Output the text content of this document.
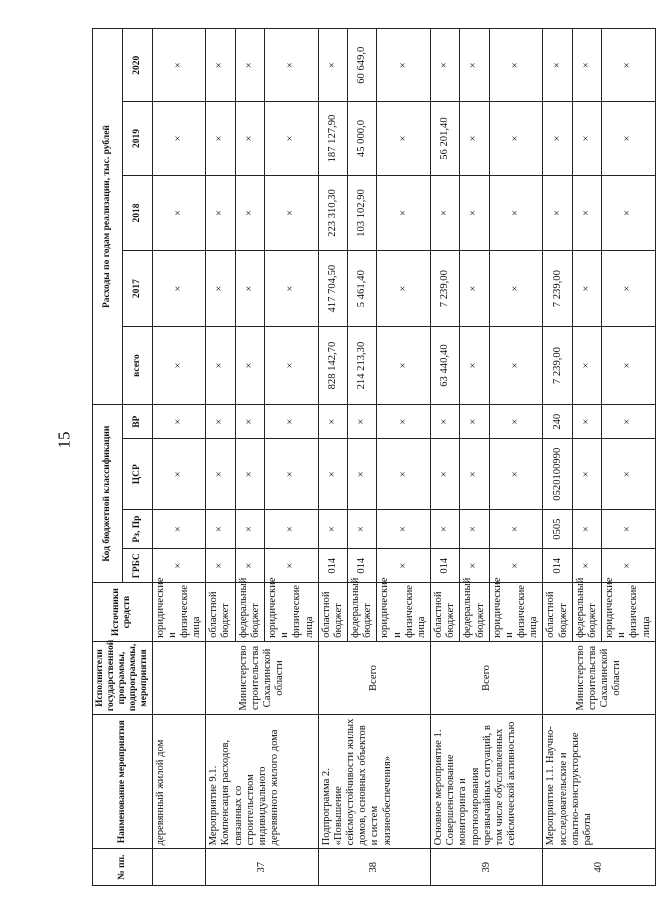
15
№ пп.	Наименование мероприятия	Исполнители государственной программы, подпрограммы, мероприятия	Источники средств	Код бюджетной классификации				Расходы по годам реализации, тыс. рублей				
				ГРБС	Рз, Пр	ЦСР	ВР	всего	2017	2018	2019	2020
	деревянный жилой дом		юридические и физические лица	×	×	×	×	×	×	×	×	×
37	Мероприятие 9.1. Компенсация расходов, связанных со строительством индивидуального деревянного жилого дома	Министерство строительства Сахалинской области	областной бюджет	×	×	×	×	×	×	×	×	×
			федеральный бюджет	×	×	×	×	×	×	×	×	×
			юридические и физические лица	×	×	×	×	×	×	×	×	×
38	Подпрограмма 2. «Повышение сейсмоустойчивости жилых домов, основных объектов и систем жизнеобеспечения»	Всего	областной бюджет	014	×	×	×	828 142,70	417 704,50	223 310,30	187 127,90	×
			федеральный бюджет	014	×	×	×	214 213,30	5 461,40	103 102,90	45 000,0	60 649,0
			юридические и физические лица	×	×	×	×	×	×	×	×	×
39	Основное мероприятие 1. Совершенствование мониторинга и прогнозирования чрезвычайных ситуаций, в том числе обусловленных сейсмической активностью	Всего	областной бюджет	014	×	×	×	63 440,40	7 239,00	×	56 201,40	×
			федеральный бюджет	×	×	×	×	×	×	×	×	×
			юридические и физические лица	×	×	×	×	×	×	×	×	×
40	Мероприятие 1.1. Научно-исследовательские и опытно-конструкторские работы	Министерство строительства Сахалинской области	областной бюджет	014	0505	0520100990	240	7 239,00	7 239,00	×	×	×
			федеральный бюджет	×	×	×	×	×	×	×	×	×
			юридические и физические лица	×	×	×	×	×	×	×	×	×
